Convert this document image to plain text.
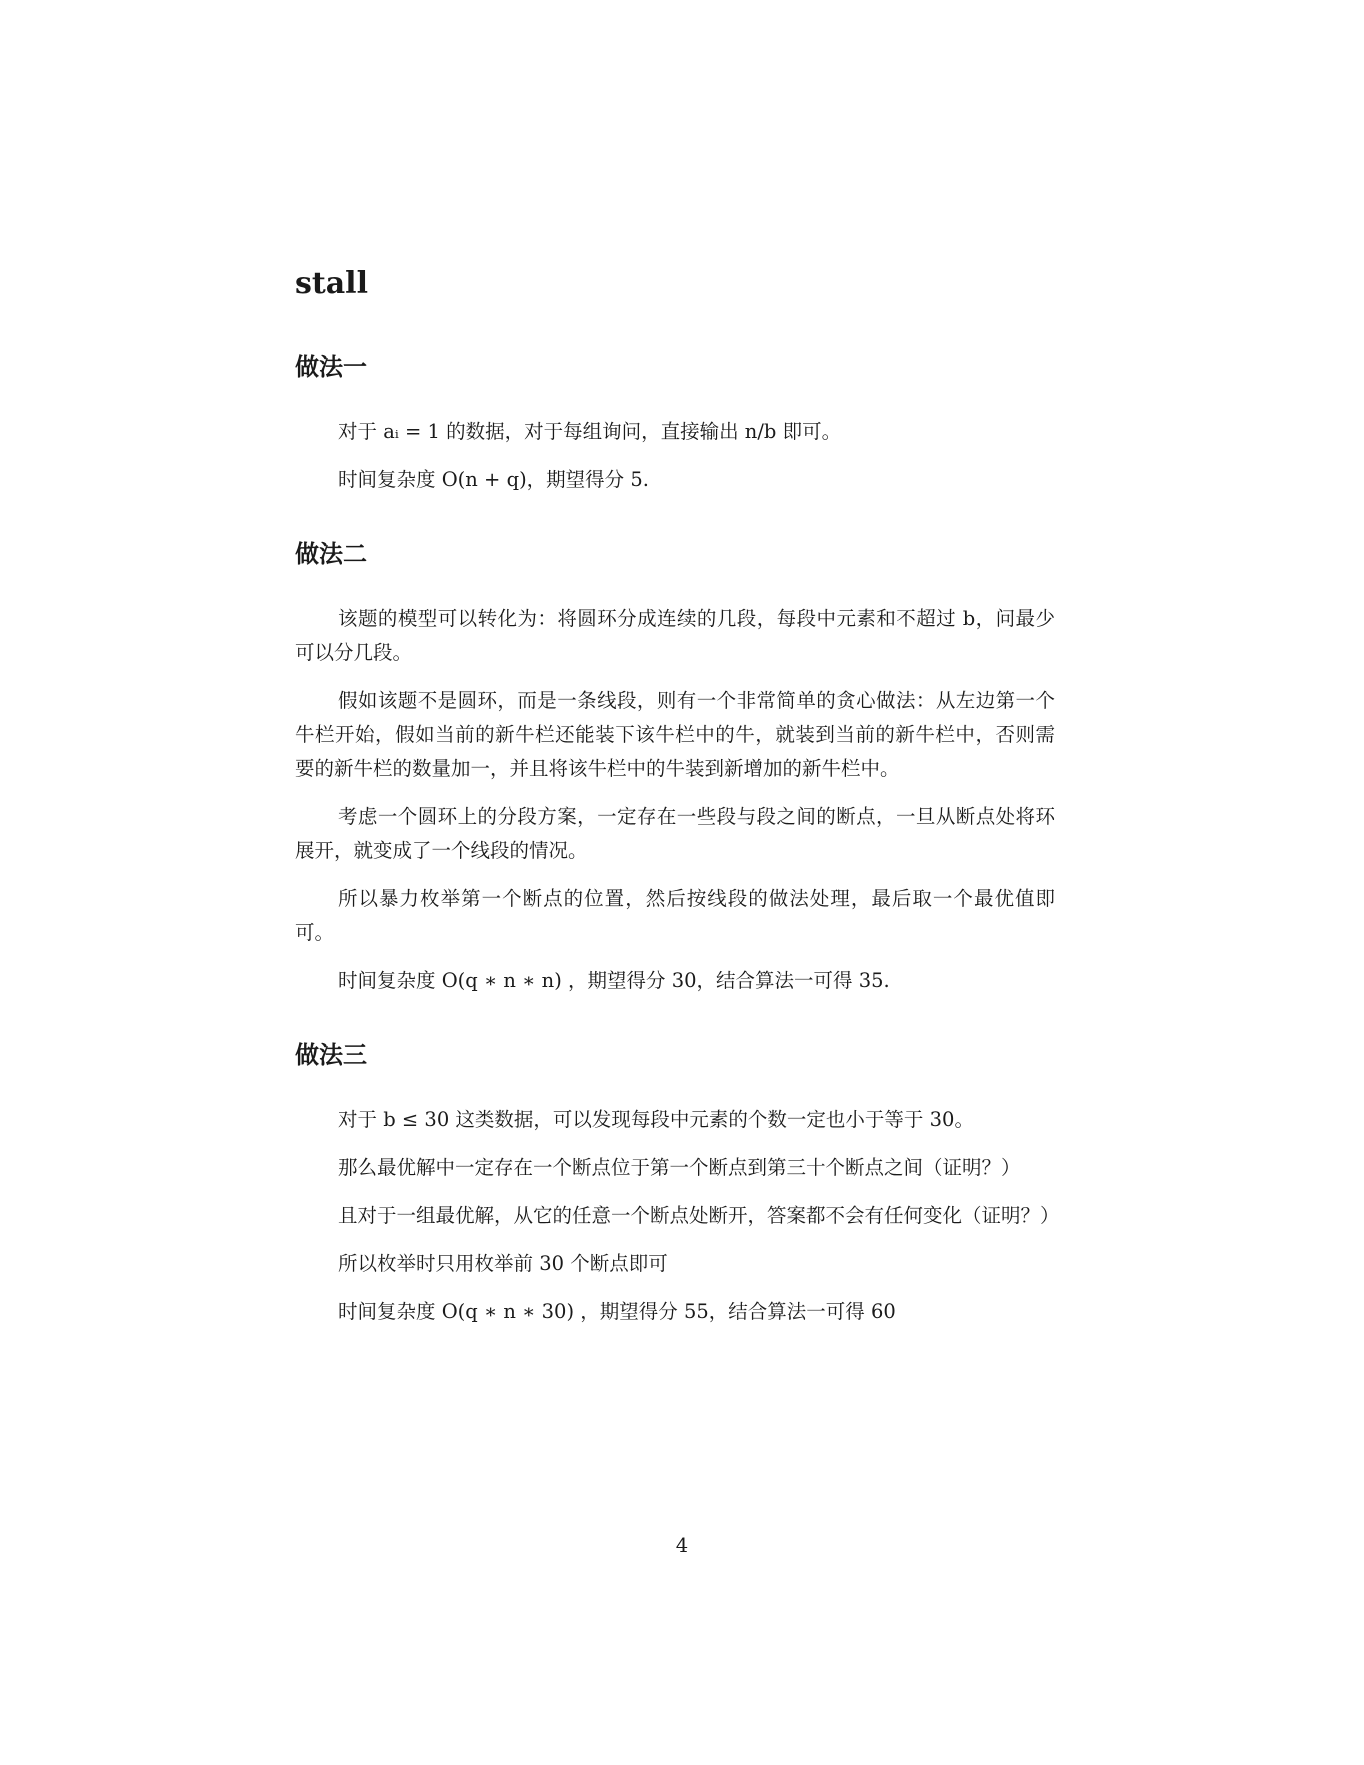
stall
做法一

对于 aᵢ = 1 的数据，对于每组询问，直接输出 n/b 即可。

时间复杂度 O(n + q)，期望得分 5.

做法二

该题的模型可以转化为：将圆环分成连续的几段，每段中元素和不超过 b，问最少可以分几段。

假如该题不是圆环，而是一条线段，则有一个非常简单的贪心做法：从左边第一个牛栏开始，假如当前的新牛栏还能装下该牛栏中的牛，就装到当前的新牛栏中，否则需要的新牛栏的数量加一，并且将该牛栏中的牛装到新增加的新牛栏中。

考虑一个圆环上的分段方案，一定存在一些段与段之间的断点，一旦从断点处将环展开，就变成了一个线段的情况。

所以暴力枚举第一个断点的位置，然后按线段的做法处理，最后取一个最优值即可。

时间复杂度 O(q ∗ n ∗ n) ，期望得分 30，结合算法一可得 35.

做法三

对于 b ≤ 30 这类数据，可以发现每段中元素的个数一定也小于等于 30。

那么最优解中一定存在一个断点位于第一个断点到第三十个断点之间（证明？）

且对于一组最优解，从它的任意一个断点处断开，答案都不会有任何变化（证明？）

所以枚举时只用枚举前 30 个断点即可

时间复杂度 O(q ∗ n ∗ 30) ，期望得分 55，结合算法一可得 60

4
